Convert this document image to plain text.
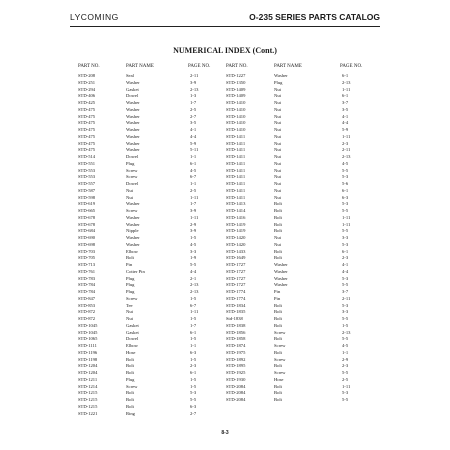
LYCOMING	O-235 SERIES PARTS CATALOG
NUMERICAL INDEX (Cont.)
PART NO.	PART NAME	PAGE NO.	PART NO.	PART NAME	PAGE NO.
STD-208	Seal	2-11
STD-251	Washer	3-9
STD-294	Gasket	2-13
STD-406	Dowel	1-3
STD-425	Washer	1-7
STD-475	Washer	2-5
STD-475	Washer	2-7
STD-475	Washer	3-5
STD-475	Washer	4-1
STD-475	Washer	4-4
STD-475	Washer	5-9
STD-475	Washer	5-11
STD-514	Dowel	1-1
STD-551	Plug	6-1
STD-553	Screw	4-5
STD-553	Screw	6-7
STD-557	Dowel	1-1
STD-587	Nut	2-5
STD-598	Nut	1-11
STD-619	Washer	1-7
STD-665	Screw	3-9
STD-678	Washer	1-11
STD-678	Washer	2-9
STD-684	Nipple	3-9
STD-690	Washer	1-5
STD-698	Washer	4-5
STD-703	Elbow	3-3
STD-705	Bolt	1-9
STD-713	Pin	5-5
STD-761	Cotter Pin	4-4
STD-783	Plug	2-1
STD-784	Plug	2-13
STD-784	Plug	2-13
STD-847	Screw	1-5
STD-853	Tee	6-7
STD-872	Nut	1-11
STD-872	Nut	1-5
STD-1045	Gasket	1-7
STD-1045	Gasket	6-1
STD-1065	Dowel	1-5
STD-1111	Elbow	1-1
STD-1196	Hose	6-3
STD-1198	Bolt	1-5
STD-1204	Bolt	2-3
STD-1204	Bolt	6-1
STD-1211	Plug	1-5
STD-1214	Screw	1-5
STD-1215	Bolt	5-3
STD-1215	Bolt	5-5
STD-1215	Bolt	6-3
STD-1221	Ring	2-7
STD-1227	Washer	6-1
STD-1350	Plug	2-13
STD-1409	Nut	1-11
STD-1409	Nut	6-1
STD-1410	Nut	3-7
STD-1410	Nut	3-5
STD-1410	Nut	4-1
STD-1410	Nut	4-4
STD-1410	Nut	5-9
STD-1411	Nut	1-11
STD-1411	Nut	2-3
STD-1411	Nut	2-11
STD-1411	Nut	2-13
STD-1411	Nut	4-5
STD-1411	Nut	5-5
STD-1411	Nut	5-3
STD-1411	Nut	5-6
STD-1411	Nut	6-1
STD-1411	Nut	6-3
STD-1413	Bolt	5-3
STD-1414	Bolt	5-5
STD-1416	Bolt	1-11
STD-1419	Bolt	1-11
STD-1419	Bolt	5-5
STD-1420	Nut	3-3
STD-1420	Nut	5-3
STD-1433	Bolt	6-1
STD-1649	Bolt	2-3
STD-1727	Washer	4-1
STD-1727	Washer	4-4
STD-1727	Washer	5-3
STD-1727	Washer	5-5
STD-1774	Pin	3-7
STD-1774	Pin	2-11
STD-1834	Bolt	5-3
STD-1835	Bolt	3-3
Std-1838	Bolt	5-5
STD-1838	Bolt	1-5
STD-1856	Screw	2-13
STD-1858	Bolt	5-5
STD-1874	Screw	4-5
STD-1975	Bolt	1-1
STD-1892	Screw	2-9
STD-1895	Bolt	2-3
STD-1925	Screw	5-5
STD-1930	Hose	2-5
STD-2084	Bolt	1-11
STD-2084	Bolt	5-3
STD-2084	Bolt	5-5
8-3
